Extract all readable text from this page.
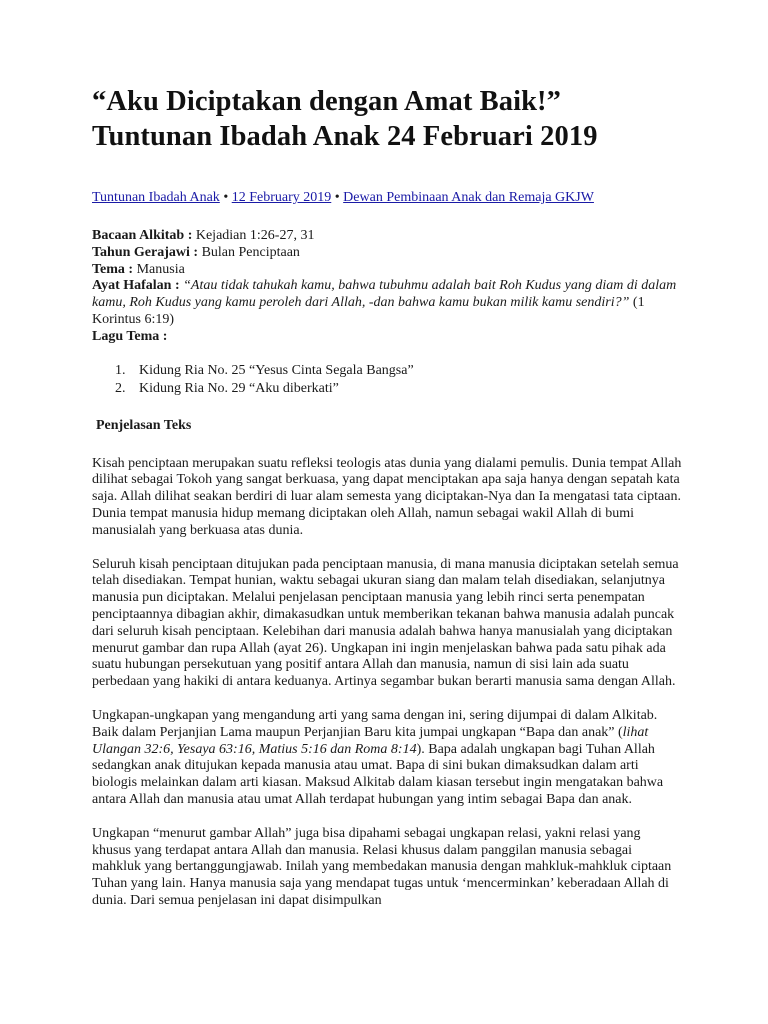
“Aku Diciptakan dengan Amat Baik!”
Tuntunan Ibadah Anak 24 Februari 2019
Tuntunan Ibadah Anak • 12 February 2019 • Dewan Pembinaan Anak dan Remaja GKJW

Bacaan Alkitab : Kejadian 1:26-27, 31

Tahun Gerajawi : Bulan Penciptaan

Tema : Manusia

Ayat Hafalan : “Atau tidak tahukah kamu, bahwa tubuhmu adalah bait Roh Kudus yang diam di dalam kamu, Roh Kudus yang kamu peroleh dari Allah, -dan bahwa kamu bukan milik kamu sendiri?” (1 Korintus 6:19)

Lagu Tema :

1. Kidung Ria No. 25 “Yesus Cinta Segala Bangsa”
2. Kidung Ria No. 29 “Aku diberkati”
Penjelasan Teks

Kisah penciptaan merupakan suatu refleksi teologis atas dunia yang dialami pemulis. Dunia tempat Allah dilihat sebagai Tokoh yang sangat berkuasa, yang dapat menciptakan apa saja hanya dengan sepatah kata saja. Allah dilihat seakan berdiri di luar alam semesta yang diciptakan-Nya dan Ia mengatasi tata ciptaan. Dunia tempat manusia hidup memang diciptakan oleh Allah, namun sebagai wakil Allah di bumi manusialah yang berkuasa atas dunia.

Seluruh kisah penciptaan ditujukan pada penciptaan manusia, di mana manusia diciptakan setelah semua telah disediakan. Tempat hunian, waktu sebagai ukuran siang dan malam telah disediakan, selanjutnya manusia pun diciptakan. Melalui penjelasan penciptaan manusia yang lebih rinci serta penempatan penciptaannya dibagian akhir, dimakasudkan untuk memberikan tekanan bahwa manusia adalah puncak dari seluruh kisah penciptaan. Kelebihan dari manusia adalah bahwa hanya manusialah yang diciptakan menurut gambar dan rupa Allah (ayat 26). Ungkapan ini ingin menjelaskan bahwa pada satu pihak ada suatu hubungan persekutuan yang positif antara Allah dan manusia, namun di sisi lain ada suatu perbedaan yang hakiki di antara keduanya. Artinya segambar bukan berarti manusia sama dengan Allah.

Ungkapan-ungkapan yang mengandung arti yang sama dengan ini, sering dijumpai di dalam Alkitab. Baik dalam Perjanjian Lama maupun Perjanjian Baru kita jumpai ungkapan “Bapa dan anak” (lihat Ulangan 32:6, Yesaya 63:16, Matius 5:16 dan Roma 8:14). Bapa adalah ungkapan bagi Tuhan Allah sedangkan anak ditujukan kepada manusia atau umat. Bapa di sini bukan dimaksudkan dalam arti biologis melainkan dalam arti kiasan. Maksud Alkitab dalam kiasan tersebut ingin mengatakan bahwa antara Allah dan manusia atau umat Allah terdapat hubungan yang intim sebagai Bapa dan anak.

Ungkapan “menurut gambar Allah” juga bisa dipahami sebagai ungkapan relasi, yakni relasi yang khusus yang terdapat antara Allah dan manusia. Relasi khusus dalam panggilan manusia sebagai mahkluk yang bertanggungjawab. Inilah yang membedakan manusia dengan mahkluk-mahkluk ciptaan Tuhan yang lain. Hanya manusia saja yang mendapat tugas untuk ‘mencerminkan’ keberadaan Allah di dunia. Dari semua penjelasan ini dapat disimpulkan
